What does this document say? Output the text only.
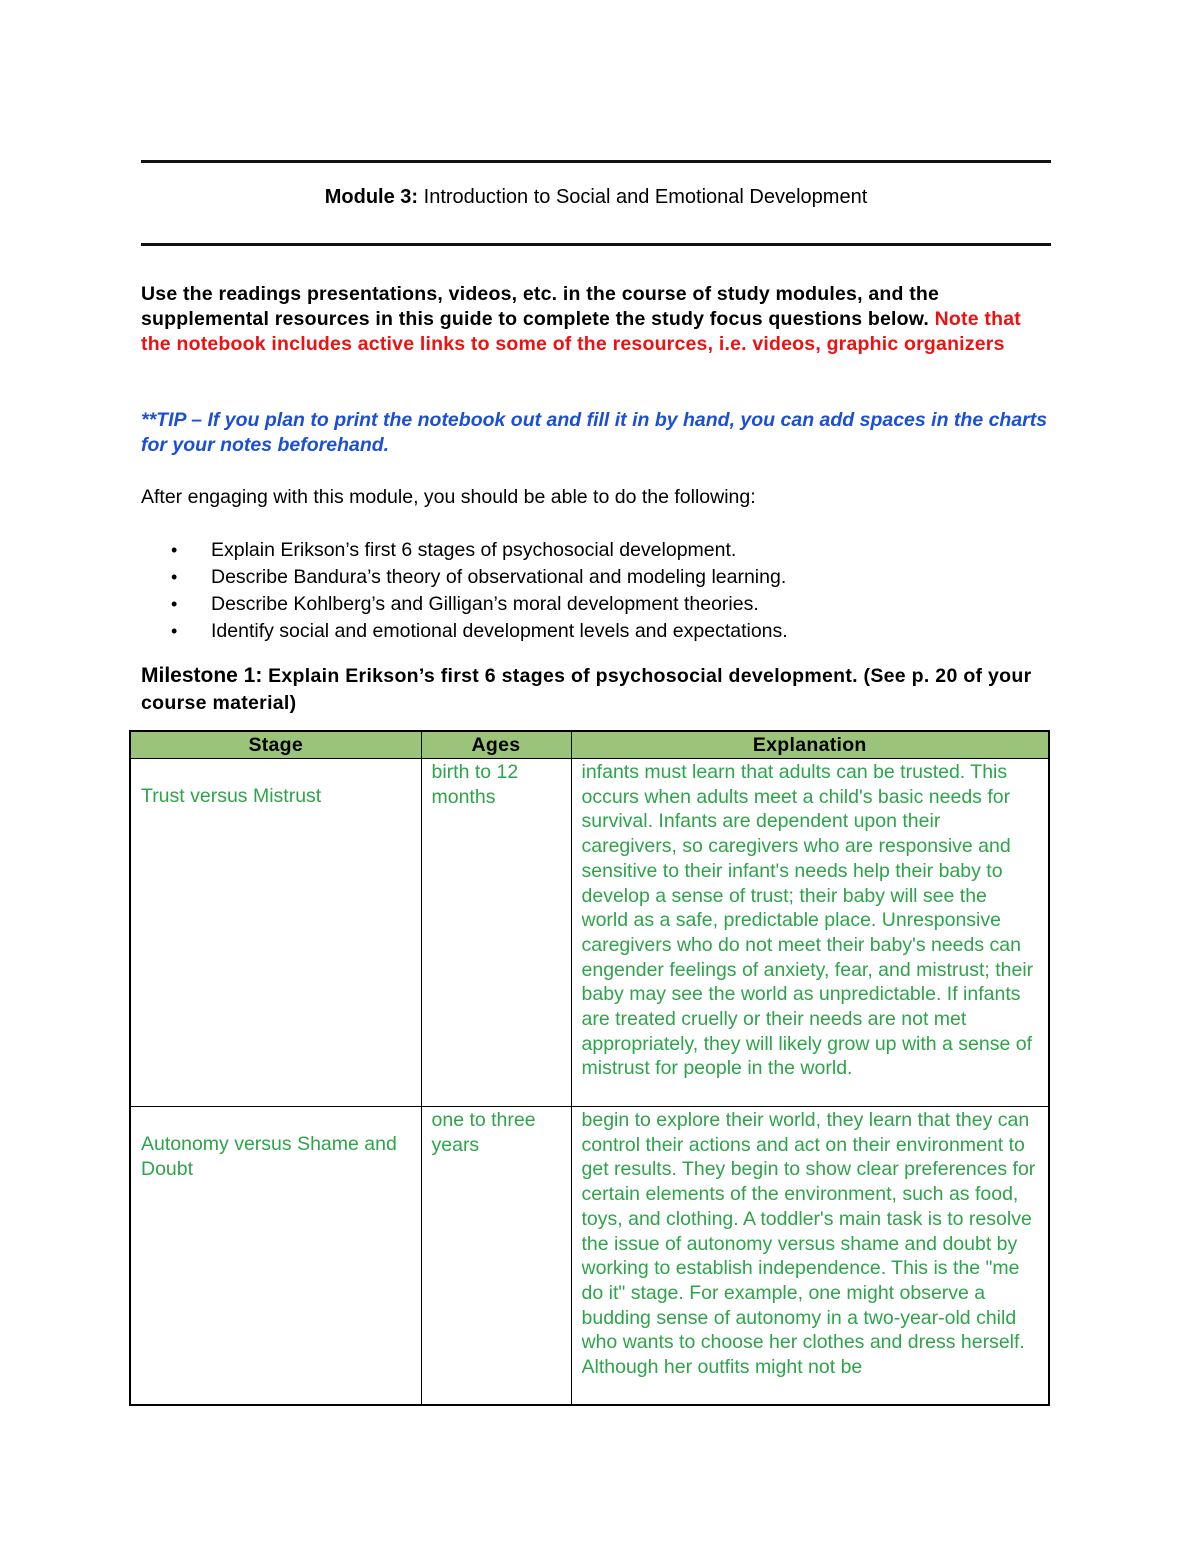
Module 3: Introduction to Social and Emotional Development
Use the readings presentations, videos, etc. in the course of study modules, and the supplemental resources in this guide to complete the study focus questions below. Note that the notebook includes active links to some of the resources, i.e. videos, graphic organizers
**TIP – If you plan to print the notebook out and fill it in by hand, you can add spaces in the charts for your notes beforehand.
After engaging with this module, you should be able to do the following:
• Explain Erikson’s first 6 stages of psychosocial development.
• Describe Bandura’s theory of observational and modeling learning.
• Describe Kohlberg’s and Gilligan’s moral development theories.
• Identify social and emotional development levels and expectations.
Milestone 1: Explain Erikson’s first 6 stages of psychosocial development. (See p. 20 of your course material)
Stage	Ages	Explanation
Trust versus Mistrust	birth to 12 months	infants must learn that adults can be trusted. This occurs when adults meet a child's basic needs for survival. Infants are dependent upon their caregivers, so caregivers who are responsive and sensitive to their infant's needs help their baby to develop a sense of trust; their baby will see the world as a safe, predictable place. Unresponsive caregivers who do not meet their baby's needs can engender feelings of anxiety, fear, and mistrust; their baby may see the world as unpredictable. If infants are treated cruelly or their needs are not met appropriately, they will likely grow up with a sense of mistrust for people in the world.

Autonomy versus Shame and Doubt	one to three years	begin to explore their world, they learn that they can control their actions and act on their environment to get results. They begin to show clear preferences for certain elements of the environment, such as food, toys, and clothing. A toddler's main task is to resolve the issue of autonomy versus shame and doubt by working to establish independence. This is the "me do it" stage. For example, one might observe a budding sense of autonomy in a two-year-old child who wants to choose her clothes and dress herself. Although her outfits might not be
